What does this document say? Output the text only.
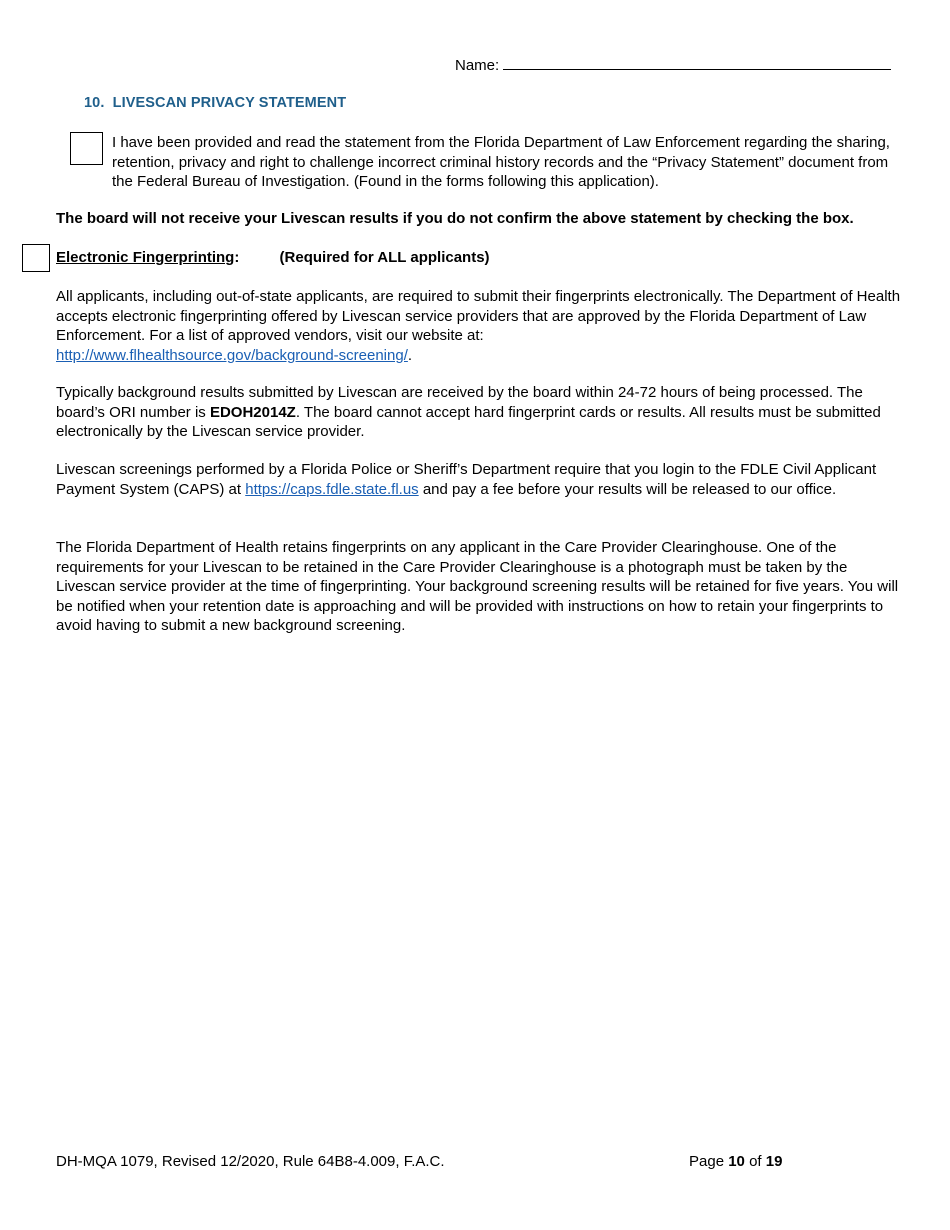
Name:
10. LIVESCAN PRIVACY STATEMENT
I have been provided and read the statement from the Florida Department of Law Enforcement regarding the sharing, retention, privacy and right to challenge incorrect criminal history records and the “Privacy Statement” document from the Federal Bureau of Investigation. (Found in the forms following this application).
The board will not receive your Livescan results if you do not confirm the above statement by checking the box.
Electronic Fingerprinting:	(Required for ALL applicants)
All applicants, including out-of-state applicants, are required to submit their fingerprints electronically. The Department of Health accepts electronic fingerprinting offered by Livescan service providers that are approved by the Florida Department of Law Enforcement. For a list of approved vendors, visit our website at:
http://www.flhealthsource.gov/background-screening/.
Typically background results submitted by Livescan are received by the board within 24-72 hours of being processed. The board’s ORI number is EDOH2014Z. The board cannot accept hard fingerprint cards or results. All results must be submitted electronically by the Livescan service provider.
Livescan screenings performed by a Florida Police or Sheriff’s Department require that you login to the FDLE Civil Applicant Payment System (CAPS) at https://caps.fdle.state.fl.us and pay a fee before your results will be released to our office.
The Florida Department of Health retains fingerprints on any applicant in the Care Provider Clearinghouse. One of the requirements for your Livescan to be retained in the Care Provider Clearinghouse is a photograph must be taken by the Livescan service provider at the time of fingerprinting. Your background screening results will be retained for five years. You will be notified when your retention date is approaching and will be provided with instructions on how to retain your fingerprints to avoid having to submit a new background screening.
DH-MQA 1079, Revised 12/2020, Rule 64B8-4.009, F.A.C.	Page 10 of 19
